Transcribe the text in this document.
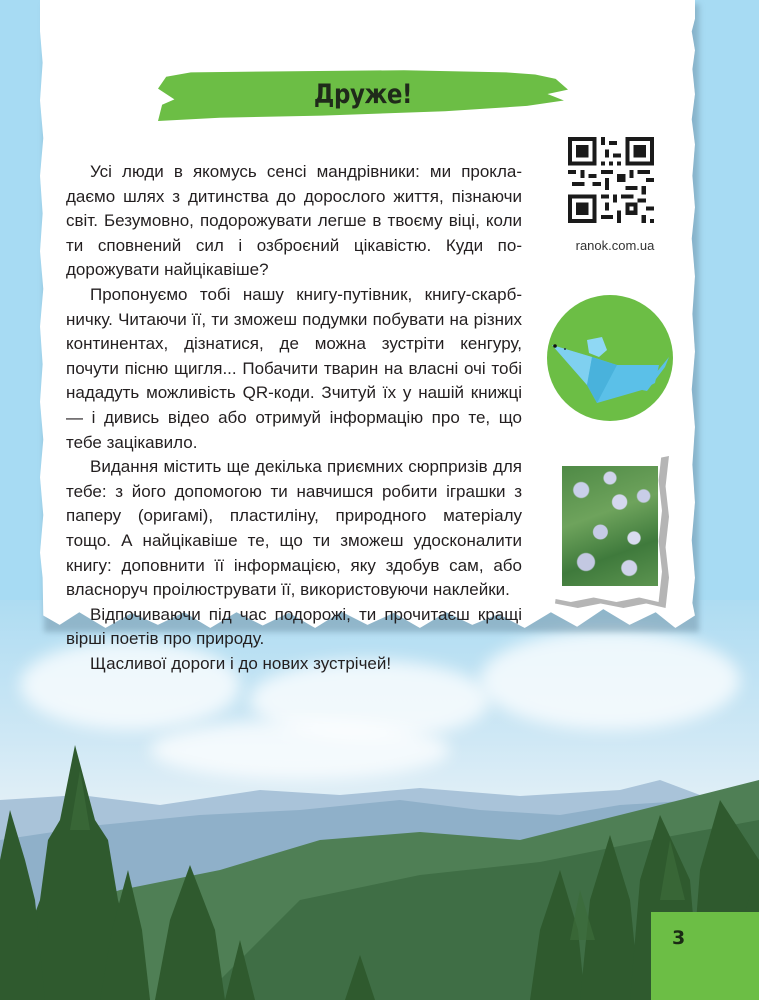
Друже!

Усі люди в якомусь сенсі мандрівники: ми прокладаємо шлях з дитинства до дорослого життя, пізнаючи світ. Безумовно, подорожувати легше в твоєму віці, коли ти сповнений сил і озброєний цікавістю. Куди подорожувати найцікавіше?

Пропонуємо тобі нашу книгу-путівник, книгу-скарбничку. Читаючи її, ти зможеш подумки побувати на різних континентах, дізнатися, де можна зустріти кенгуру, почути пісню щигля... Побачити тварин на власні очі тобі нададуть можливість QR-коди. Зчитуй їх у нашій книжці — і дивись відео або отримуй інформацію про те, що тебе зацікавило.

Видання містить ще декілька приємних сюрпризів для тебе: з його допомогою ти навчишся робити іграшки з паперу (оригамі), пластиліну, природного матеріалу тощо. А найцікавіше те, що ти зможеш удосконалити книгу: доповнити її інформацією, яку здобув сам, або власноруч проілюструвати її, використовуючи наклейки.

Відпочиваючи під час подорожі, ти прочитаєш кращі вірші поетів про природу.

Щасливої дороги і до нових зустрічей!

ranok.com.ua
3
